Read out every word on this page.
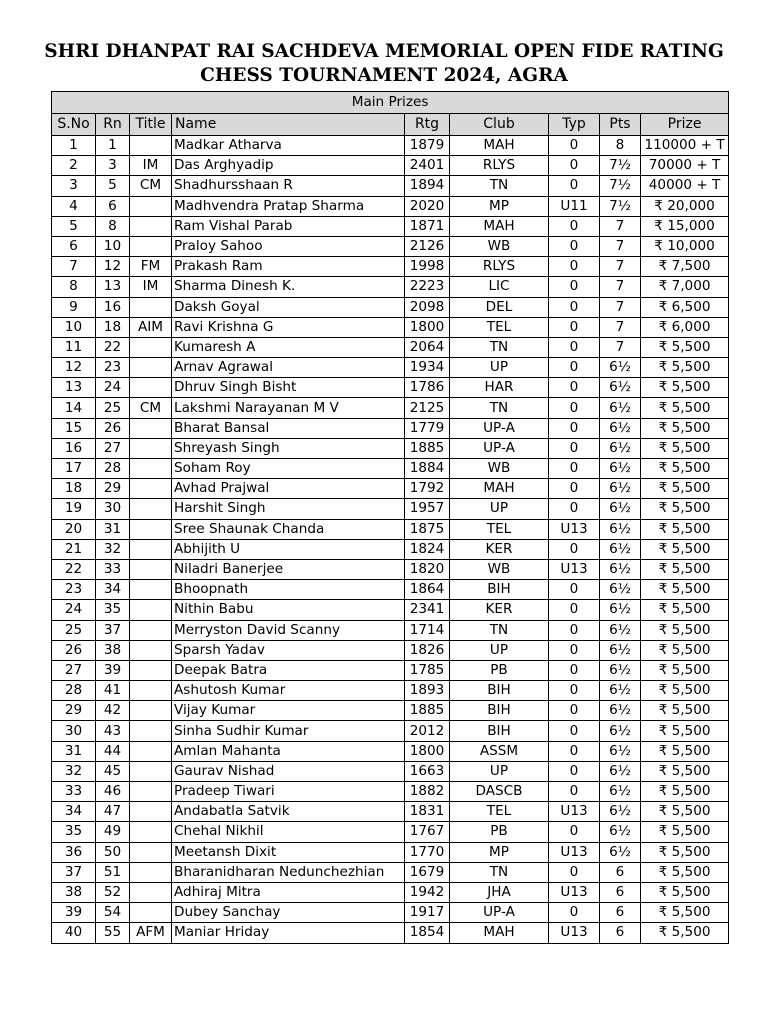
SHRI DHANPAT RAI SACHDEVA MEMORIAL OPEN FIDE RATING
CHESS TOURNAMENT 2024, AGRA
Main Prizes								
S.No	Rn	Title	Name	Rtg	Club	Typ	Pts	Prize
1	1		Madkar Atharva	1879	MAH	0	8	110000 + T
2	3	IM	Das Arghyadip	2401	RLYS	0	7½	70000 + T
3	5	CM	Shadhursshaan R	1894	TN	0	7½	40000 + T
4	6		Madhvendra Pratap Sharma	2020	MP	U11	7½	₹ 20,000
5	8		Ram Vishal Parab	1871	MAH	0	7	₹ 15,000
6	10		Praloy Sahoo	2126	WB	0	7	₹ 10,000
7	12	FM	Prakash Ram	1998	RLYS	0	7	₹ 7,500
8	13	IM	Sharma Dinesh K.	2223	LIC	0	7	₹ 7,000
9	16		Daksh Goyal	2098	DEL	0	7	₹ 6,500
10	18	AIM	Ravi Krishna G	1800	TEL	0	7	₹ 6,000
11	22		Kumaresh A	2064	TN	0	7	₹ 5,500
12	23		Arnav Agrawal	1934	UP	0	6½	₹ 5,500
13	24		Dhruv Singh Bisht	1786	HAR	0	6½	₹ 5,500
14	25	CM	Lakshmi Narayanan M V	2125	TN	0	6½	₹ 5,500
15	26		Bharat Bansal	1779	UP-A	0	6½	₹ 5,500
16	27		Shreyash Singh	1885	UP-A	0	6½	₹ 5,500
17	28		Soham Roy	1884	WB	0	6½	₹ 5,500
18	29		Avhad Prajwal	1792	MAH	0	6½	₹ 5,500
19	30		Harshit Singh	1957	UP	0	6½	₹ 5,500
20	31		Sree Shaunak Chanda	1875	TEL	U13	6½	₹ 5,500
21	32		Abhijith U	1824	KER	0	6½	₹ 5,500
22	33		Niladri Banerjee	1820	WB	U13	6½	₹ 5,500
23	34		Bhoopnath	1864	BIH	0	6½	₹ 5,500
24	35		Nithin Babu	2341	KER	0	6½	₹ 5,500
25	37		Merryston David Scanny	1714	TN	0	6½	₹ 5,500
26	38		Sparsh Yadav	1826	UP	0	6½	₹ 5,500
27	39		Deepak Batra	1785	PB	0	6½	₹ 5,500
28	41		Ashutosh Kumar	1893	BIH	0	6½	₹ 5,500
29	42		Vijay Kumar	1885	BIH	0	6½	₹ 5,500
30	43		Sinha Sudhir Kumar	2012	BIH	0	6½	₹ 5,500
31	44		Amlan Mahanta	1800	ASSM	0	6½	₹ 5,500
32	45		Gaurav Nishad	1663	UP	0	6½	₹ 5,500
33	46		Pradeep Tiwari	1882	DASCB	0	6½	₹ 5,500
34	47		Andabatla Satvik	1831	TEL	U13	6½	₹ 5,500
35	49		Chehal Nikhil	1767	PB	0	6½	₹ 5,500
36	50		Meetansh Dixit	1770	MP	U13	6½	₹ 5,500
37	51		Bharanidharan Nedunchezhian	1679	TN	0	6	₹ 5,500
38	52		Adhiraj Mitra	1942	JHA	U13	6	₹ 5,500
39	54		Dubey Sanchay	1917	UP-A	0	6	₹ 5,500
40	55	AFM	Maniar Hriday	1854	MAH	U13	6	₹ 5,500
